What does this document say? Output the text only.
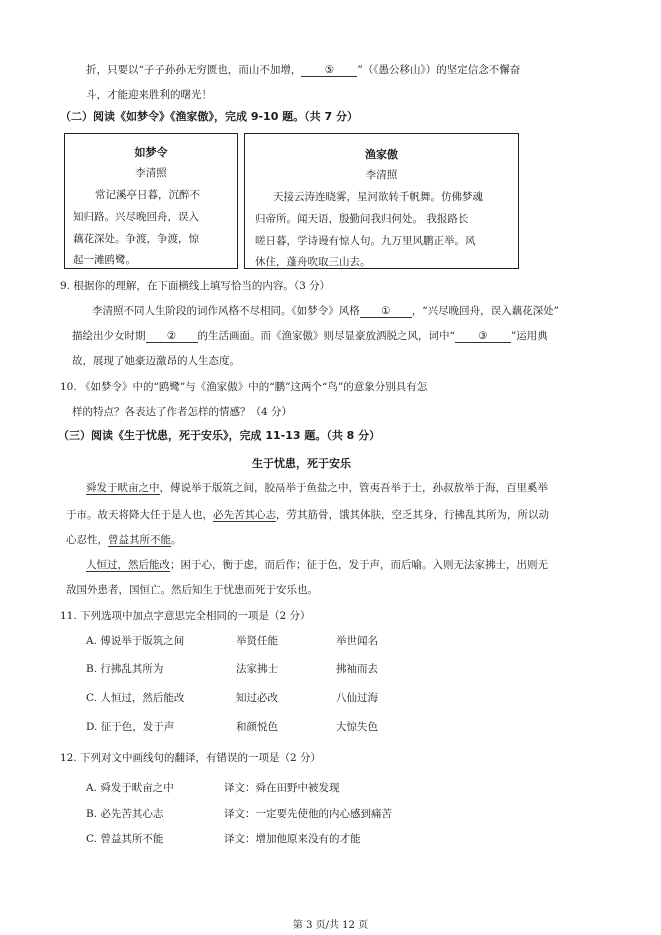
折，只要以“子子孙孙无穷匮也，而山不加增， ⑤ ”（《愚公移山》）的坚定信念不懈奋
斗，才能迎来胜利的曙光！
（二）阅读《如梦令》《渔家傲》，完成 9-10 题。（共 7 分）
如梦令
李清照
常记溪亭日暮，沉醉不
知归路。兴尽晚回舟，误入
藕花深处。争渡，争渡，惊
起一滩鸥鹭。
渔家傲
李清照
天接云涛连晓雾，星河欲转千帆舞。仿佛梦魂
归帝所。闻天语，殷勤问我归何处。 我报路长
嗟日暮，学诗谩有惊人句。九万里风鹏正举。风
休住，蓬舟吹取三山去。
9. 根据你的理解，在下面横线上填写恰当的内容。（3 分）
李清照不同人生阶段的词作风格不尽相同。《如梦令》风格 ① ，“兴尽晚回舟，误入藕花深处”
描绘出少女时期 ② 的生活画面。而《渔家傲》则尽显豪放洒脱之风，词中“ ③ ”运用典
故，展现了她豪迈激昂的人生态度。
10. 《如梦令》中的“鸥鹭”与《渔家傲》中的“鹏”这两个“鸟”的意象分别具有怎
样的特点？各表达了作者怎样的情感？（4 分）
（三）阅读《生于忧患，死于安乐》，完成 11-13 题。（共 8 分）
生于忧患，死于安乐
舜发于畎亩之中，傅说举于版筑之间，胶鬲举于鱼盐之中，管夷吾举于士，孙叔敖举于海，百里奚举
于市。故天将降大任于是人也，必先苦其心志，劳其筋骨，饿其体肤，空乏其身，行拂乱其所为，所以动
心忍性，曾益其所不能。
人恒过，然后能改；困于心，衡于虑，而后作；征于色，发于声，而后喻。入则无法家拂士，出则无
敌国外患者，国恒亡。然后知生于忧患而死于安乐也。
11. 下列选项中加点字意思完全相同的一项是（2 分）
A. 傅说举于版筑之间	举贤任能	举世闻名
B. 行拂乱其所为	法家拂士	拂袖而去
C. 人恒过，然后能改	知过必改	八仙过海
D. 征于色，发于声	和颜悦色	大惊失色
12. 下列对文中画线句的翻译，有错误的一项是（2 分）
A. 舜发于畎亩之中	译文：舜在田野中被发现
B. 必先苦其心志	译文：一定要先使他的内心感到痛苦
C. 曾益其所不能	译文：增加他原来没有的才能
第 3 页/共 12 页
